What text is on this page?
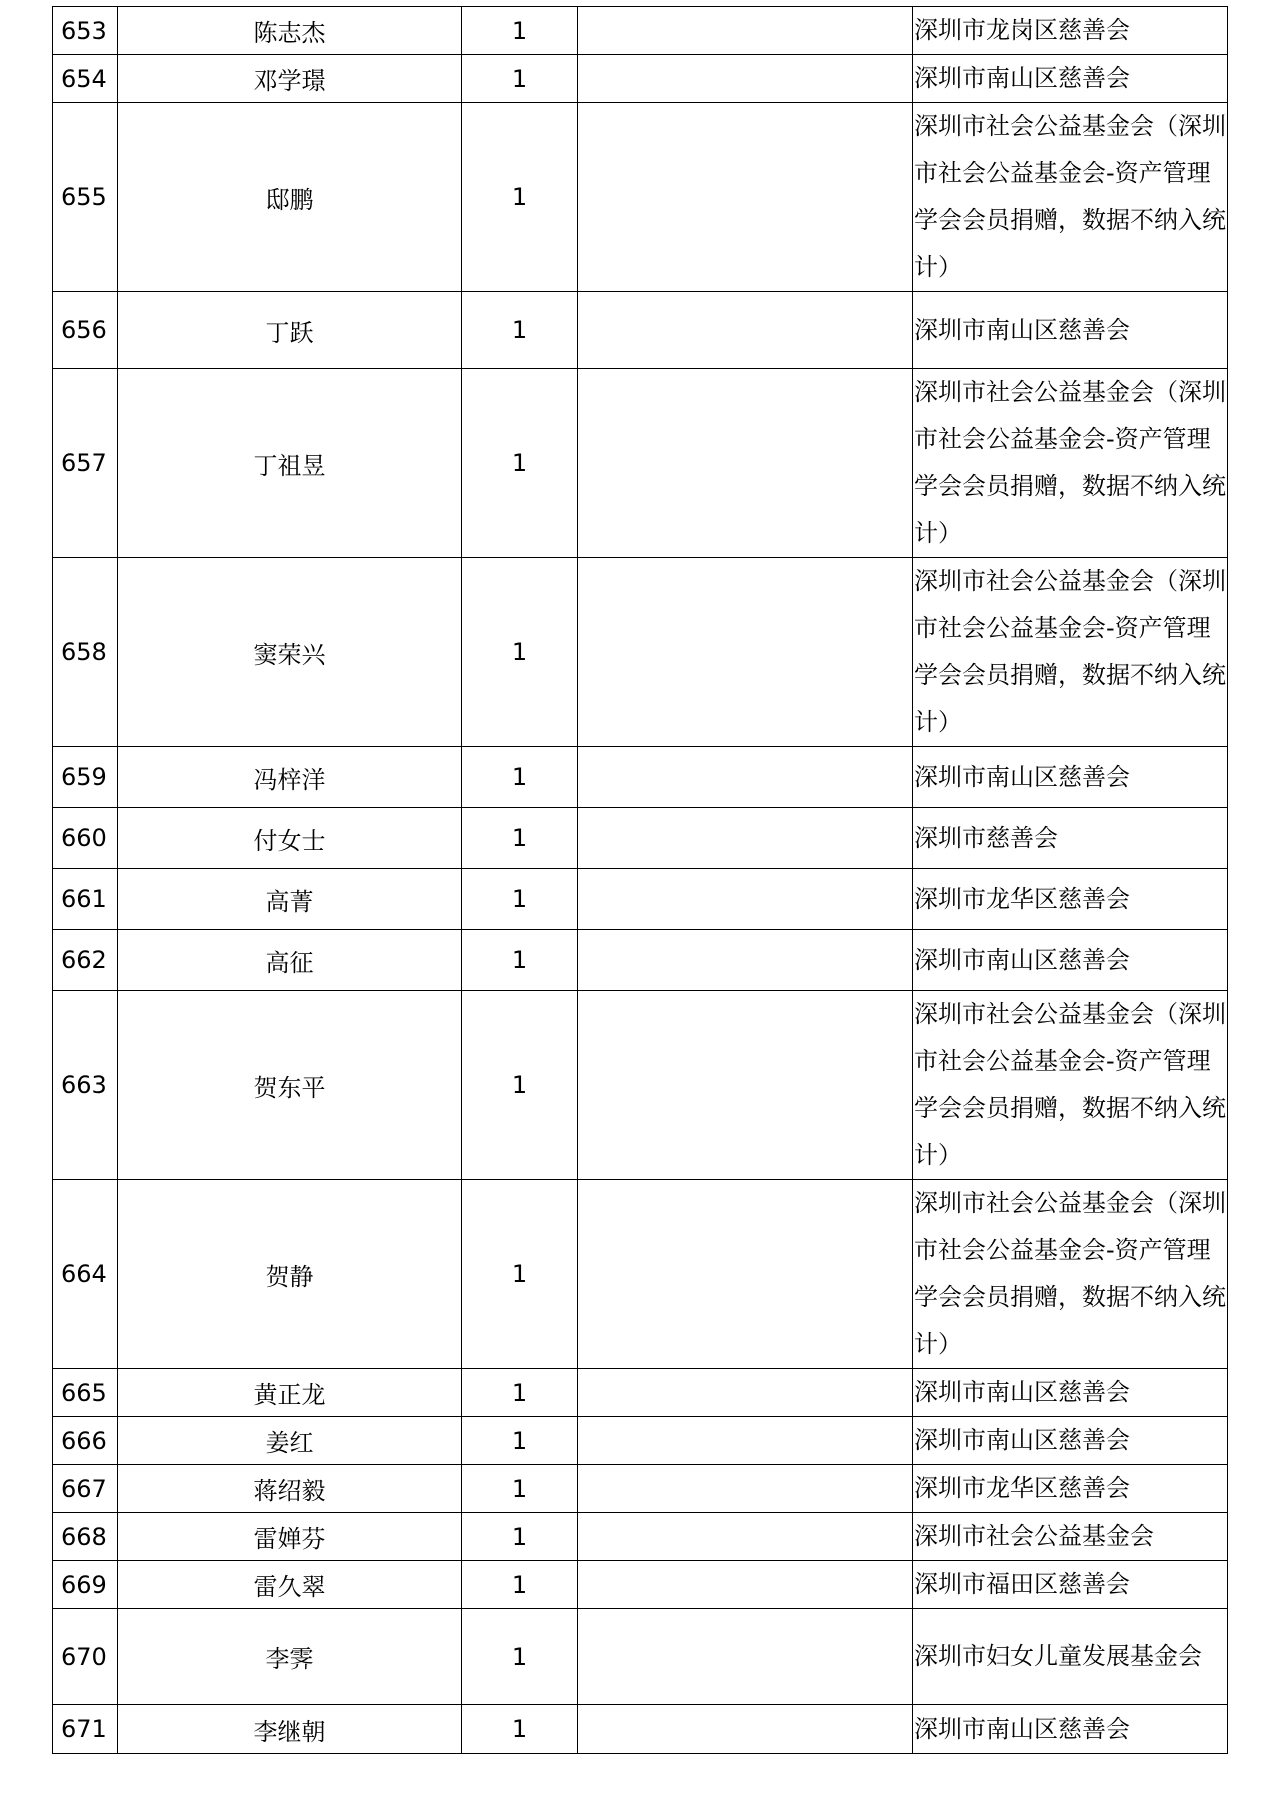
653	陈志杰	1		深圳市龙岗区慈善会
654	邓学璟	1		深圳市南山区慈善会
655	邸鹏	1		深圳市社会公益基金会（深圳市社会公益基金会-资产管理学会会员捐赠，数据不纳入统计）
656	丁跃	1		深圳市南山区慈善会
657	丁祖昱	1		深圳市社会公益基金会（深圳市社会公益基金会-资产管理学会会员捐赠，数据不纳入统计）
658	窦荣兴	1		深圳市社会公益基金会（深圳市社会公益基金会-资产管理学会会员捐赠，数据不纳入统计）
659	冯梓洋	1		深圳市南山区慈善会
660	付女士	1		深圳市慈善会
661	高菁	1		深圳市龙华区慈善会
662	高征	1		深圳市南山区慈善会
663	贺东平	1		深圳市社会公益基金会（深圳市社会公益基金会-资产管理学会会员捐赠，数据不纳入统计）
664	贺静	1		深圳市社会公益基金会（深圳市社会公益基金会-资产管理学会会员捐赠，数据不纳入统计）
665	黄正龙	1		深圳市南山区慈善会
666	姜红	1		深圳市南山区慈善会
667	蒋绍毅	1		深圳市龙华区慈善会
668	雷婵芬	1		深圳市社会公益基金会
669	雷久翠	1		深圳市福田区慈善会
670	李霁	1		深圳市妇女儿童发展基金会
671	李继朝	1		深圳市南山区慈善会
